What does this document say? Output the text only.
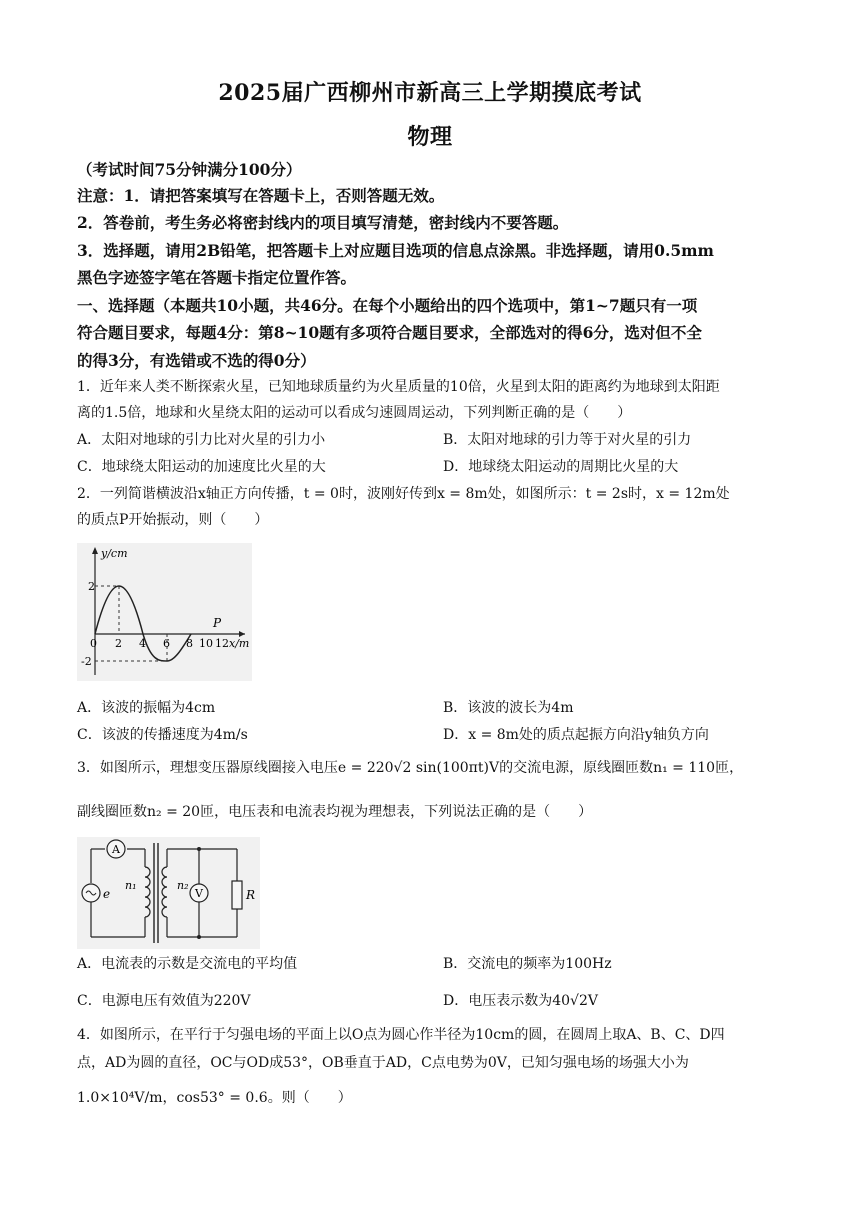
2025届广西柳州市新高三上学期摸底考试
物理
（考试时间75分钟满分100分）
注意：1．请把答案填写在答题卡上，否则答题无效。
2．答卷前，考生务必将密封线内的项目填写清楚，密封线内不要答题。
3．选择题，请用2B铅笔，把答题卡上对应题目选项的信息点涂黑。非选择题，请用0.5mm
黑色字迹签字笔在答题卡指定位置作答。
一、选择题（本题共10小题，共46分。在每个小题给出的四个选项中，第1~7题只有一项
符合题目要求，每题4分：第8~10题有多项符合题目要求，全部选对的得6分，选对但不全
的得3分，有选错或不选的得0分）
1．近年来人类不断探索火星，已知地球质量约为火星质量的10倍，火星到太阳的距离约为地球到太阳距
离的1.5倍，地球和火星绕太阳的运动可以看成匀速圆周运动，下列判断正确的是（　　）
A．太阳对地球的引力比对火星的引力小	B．太阳对地球的引力等于对火星的引力
C．地球绕太阳运动的加速度比火星的大	D．地球绕太阳运动的周期比火星的大
2．一列简谐横波沿x轴正方向传播，t = 0时，波刚好传到x = 8m处，如图所示：t = 2s时，x = 12m处
的质点P开始振动，则（　　）
y/cm
x/m
P
2
-2
0 2 4 6 8 10 12
A．该波的振幅为4cm	B．该波的波长为4m
C．该波的传播速度为4m/s	D．x = 8m处的质点起振方向沿y轴负方向
3．如图所示，理想变压器原线圈接入电压e = 220√2 sin(100πt)V的交流电源，原线圈匝数n₁ = 110匝，
副线圈匝数n₂ = 20匝，电压表和电流表均视为理想表，下列说法正确的是（　　）
A
e
n₁	n₂
V	R
A．电流表的示数是交流电的平均值	B．交流电的频率为100Hz
C．电源电压有效值为220V	D．电压表示数为40√2V
4．如图所示，在平行于匀强电场的平面上以O点为圆心作半径为10cm的圆，在圆周上取A、B、C、D四
点，AD为圆的直径，OC与OD成53°，OB垂直于AD，C点电势为0V，已知匀强电场的场强大小为
1.0×10⁴V/m，cos53° = 0.6。则（　　）
